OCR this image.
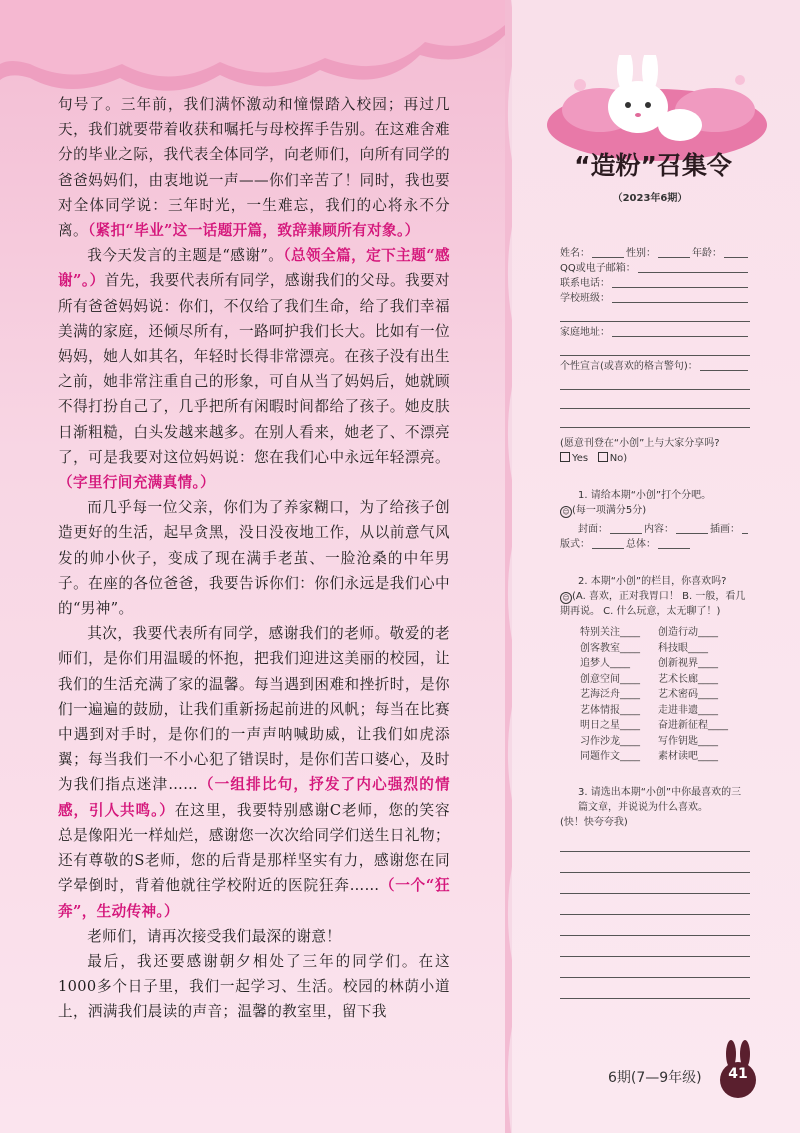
句号了。三年前，我们满怀激动和憧憬踏入校园；再过几天，我们就要带着收获和嘱托与母校挥手告别。在这难舍难分的毕业之际，我代表全体同学，向老师们，向所有同学的爸爸妈妈们，由衷地说一声——你们辛苦了！同时，我也要对全体同学说：三年时光，一生难忘，我们的心将永不分离。（紧扣“毕业”这一话题开篇，致辞兼顾所有对象。）

我今天发言的主题是“感谢”。（总领全篇，定下主题“感谢”。）首先，我要代表所有同学，感谢我们的父母。我要对所有爸爸妈妈说：你们，不仅给了我们生命，给了我们幸福美满的家庭，还倾尽所有，一路呵护我们长大。比如有一位妈妈，她人如其名，年轻时长得非常漂亮。在孩子没有出生之前，她非常注重自己的形象，可自从当了妈妈后，她就顾不得打扮自己了，几乎把所有闲暇时间都给了孩子。她皮肤日渐粗糙，白头发越来越多。在别人看来，她老了、不漂亮了，可是我要对这位妈妈说：您在我们心中永远年轻漂亮。（字里行间充满真情。）

而几乎每一位父亲，你们为了养家糊口，为了给孩子创造更好的生活，起早贪黑，没日没夜地工作，从以前意气风发的帅小伙子，变成了现在满手老茧、一脸沧桑的中年男子。在座的各位爸爸，我要告诉你们：你们永远是我们心中的“男神”。

其次，我要代表所有同学，感谢我们的老师。敬爱的老师们，是你们用温暖的怀抱，把我们迎进这美丽的校园，让我们的生活充满了家的温馨。每当遇到困难和挫折时，是你们一遍遍的鼓励，让我们重新扬起前进的风帆；每当在比赛中遇到对手时，是你们的一声声呐喊助威，让我们如虎添翼；每当我们一不小心犯了错误时，是你们苦口婆心，及时为我们指点迷津……（一组排比句，抒发了内心强烈的情感，引人共鸣。）在这里，我要特别感谢C老师，您的笑容总是像阳光一样灿烂，感谢您一次次给同学们送生日礼物；还有尊敬的S老师，您的后背是那样坚实有力，感谢您在同学晕倒时，背着他就往学校附近的医院狂奔……（一个“狂奔”，生动传神。）

老师们，请再次接受我们最深的谢意！

最后，我还要感谢朝夕相处了三年的同学们。在这1000多个日子里，我们一起学习、生活。校园的林荫小道上，洒满我们晨读的声音；温馨的教室里，留下我

“造粉”召集令
（2023年6期）
姓名：	性别：	年龄：
QQ或电子邮箱：
联系电话：
学校班级：
家庭地址：
个性宣言(或喜欢的格言警句)：
(愿意刊登在“小创”上与大家分享吗?
Yes No)
1. 请给本期“小创”打个分吧。
☺ (每一项满分5分)
封面：	内容：	插画：
版式：	总体：
2. 本期“小创”的栏目，你喜欢吗?
☺ (A. 喜欢，正对我胃口！ B. 一般，看几期再说。 C. 什么玩意，太无聊了！)
特别关注____	创造行动____
创客教室____	科技眼____
追梦人____	创新视界____
创意空间____	艺术长廊____
艺海泛舟____	艺术密码____
艺体情报____	走进非遗____
明日之星____	奋进新征程____
习作沙龙____	写作钥匙____
同题作文____	素材读吧____
3. 请选出本期“小创”中你最喜欢的三篇文章，并说说为什么喜欢。
(快！快夸夸我)
6期(7—9年级)	41
